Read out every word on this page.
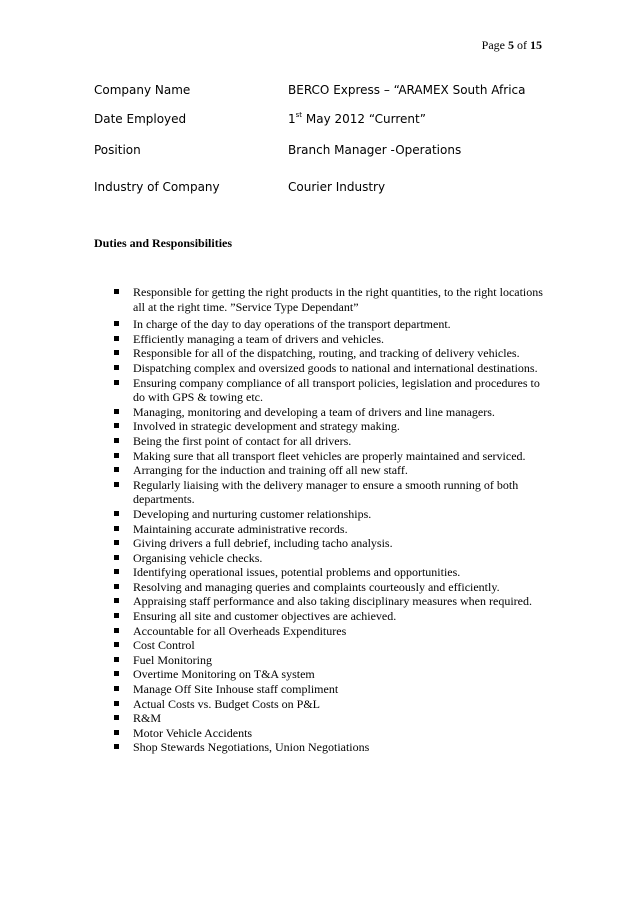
Page 5 of 15
Company Name	BERCO Express – “ARAMEX South Africa
Date Employed	1st May 2012 “Current”
Position	Branch Manager -Operations
Industry of Company	Courier Industry
Duties and Responsibilities
Responsible for getting the right products in the right quantities, to the right locations all at the right time. ”Service Type Dependant”
In charge of the day to day operations of the transport department.
Efficiently managing a team of drivers and vehicles.
Responsible for all of the dispatching, routing, and tracking of delivery vehicles.
Dispatching complex and oversized goods to national and international destinations.
Ensuring company compliance of all transport policies, legislation and procedures to do with GPS & towing etc.
Managing, monitoring and developing a team of drivers and line managers.
Involved in strategic development and strategy making.
Being the first point of contact for all drivers.
Making sure that all transport fleet vehicles are properly maintained and serviced.
Arranging for the induction and training off all new staff.
Regularly liaising with the delivery manager to ensure a smooth running of both departments.
Developing and nurturing customer relationships.
Maintaining accurate administrative records.
Giving drivers a full debrief, including tacho analysis.
Organising vehicle checks.
Identifying operational issues, potential problems and opportunities.
Resolving and managing queries and complaints courteously and efficiently.
Appraising staff performance and also taking disciplinary measures when required.
Ensuring all site and customer objectives are achieved.
Accountable for all Overheads Expenditures
Cost Control
Fuel Monitoring
Overtime Monitoring on T&A system
Manage Off Site Inhouse staff compliment
Actual Costs vs. Budget Costs on P&L
R&M
Motor Vehicle Accidents
Shop Stewards Negotiations, Union Negotiations
